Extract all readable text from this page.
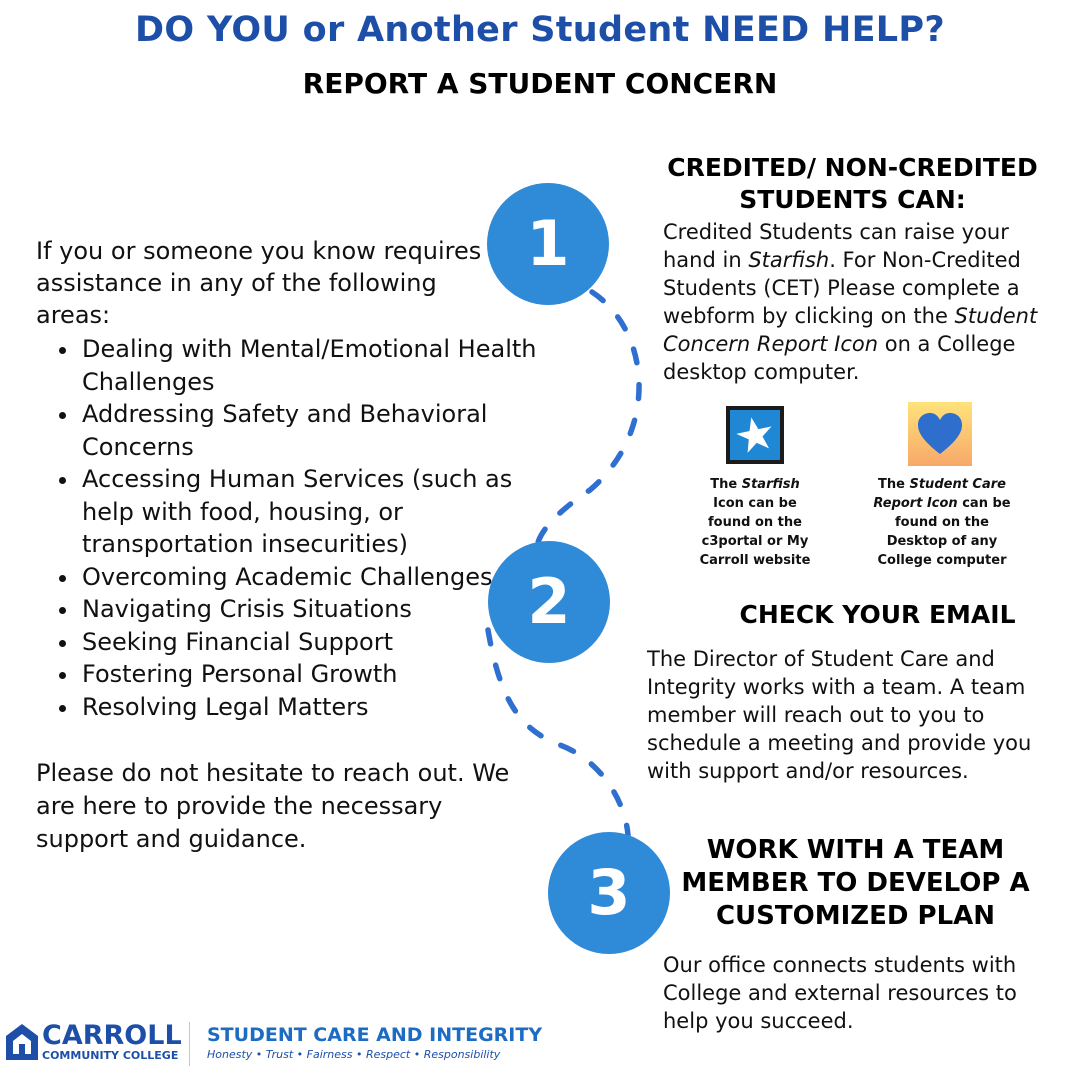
DO YOU or Another Student NEED HELP?
REPORT A STUDENT CONCERN
If you or someone you know requires assistance in any of the following areas:
• Dealing with Mental/Emotional Health Challenges
• Addressing Safety and Behavioral Concerns
• Accessing Human Services (such as help with food, housing, or transportation insecurities)
• Overcoming Academic Challenges
• Navigating Crisis Situations
• Seeking Financial Support
• Fostering Personal Growth
• Resolving Legal Matters
Please do not hesitate to reach out. We are here to provide the necessary support and guidance.
1
2
3
CREDITED/ NON-CREDITED STUDENTS CAN:
Credited Students can raise your hand in Starfish. For Non-Credited Students (CET) Please complete a webform by clicking on the Student Concern Report Icon on a College desktop computer.
The Starfish Icon can be found on the c3portal or My Carroll website
The Student Care Report Icon can be found on the Desktop of any College computer
CHECK YOUR EMAIL
The Director of Student Care and Integrity works with a team. A team member will reach out to you to schedule a meeting and provide you with support and/or resources.
WORK WITH A TEAM MEMBER TO DEVELOP A CUSTOMIZED PLAN
Our office connects students with College and external resources to help you succeed.
CARROLL
COMMUNITY COLLEGE
STUDENT CARE AND INTEGRITY
Honesty • Trust • Fairness • Respect • Responsibility
